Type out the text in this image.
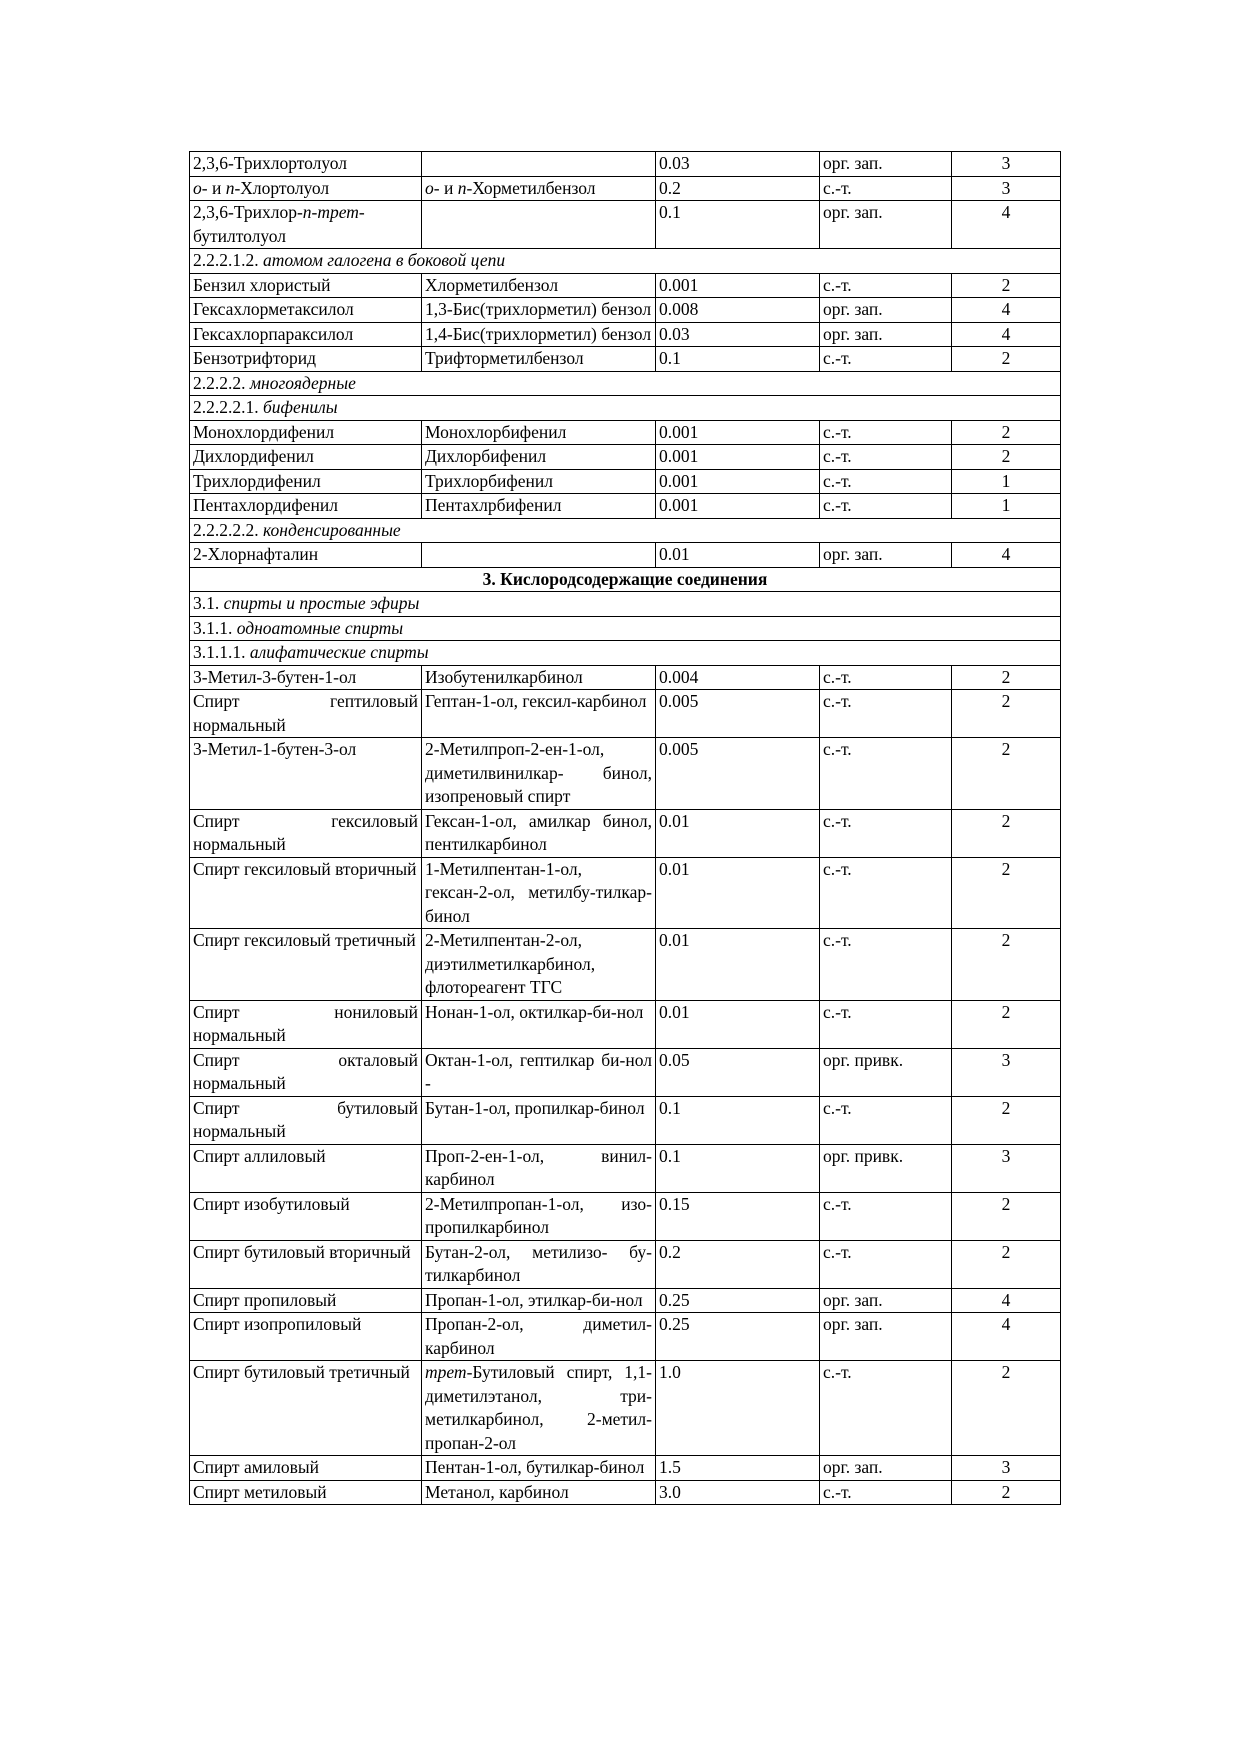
2,3,6-Трихлортолуол		0.03	орг. зап.	3
о- и n-Хлортолуол	о- и n-Хорметилбензол	0.2	с.-т.	3
2,3,6-Трихлор-n-трет- бутилтолуол		0.1	орг. зап.	4
2.2.2.1.2. атомом галогена в боковой цепи				
Бензил хлористый	Хлорметилбензол	0.001	с.-т.	2
Гексахлорметаксилол	1,3-Бис(трихлорметил) бензол	0.008	орг. зап.	4
Гексахлорпараксилол	1,4-Бис(трихлорметил) бензол	0.03	орг. зап.	4
Бензотрифторид	Трифторметилбензол	0.1	с.-т.	2
2.2.2.2. многоядерные				
2.2.2.2.1. бифенилы				
Монохлордифенил	Монохлорбифенил	0.001	с.-т.	2
Дихлордифенил	Дихлорбифенил	0.001	с.-т.	2
Трихлордифенил	Трихлорбифенил	0.001	с.-т.	1
Пентахлордифенил	Пентахлрбифенил	0.001	с.-т.	1
2.2.2.2.2. конденсированные				
2-Хлорнафталин		0.01	орг. зап.	4
3. Кислородсодержащие соединения				
3.1. спирты и простые эфиры				
3.1.1. одноатомные спирты				
3.1.1.1. алифатические спирты				
3-Метил-3-бутен-1-ол	Изобутенилкарбинол	0.004	с.-т.	2
Спирт гептиловый нормальный	Гептан-1-ол, гексил-карбинол	0.005	с.-т.	2
3-Метил-1-бутен-3-ол	2-Метилпроп-2-ен-1-ол, диметилвинилкар- бинол, изопреновый спирт	0.005	с.-т.	2
Спирт гексиловый нормальный	Гексан-1-ол, амилкар бинол, пентилкарбинол	0.01	с.-т.	2
Спирт гексиловый вторичный	1-Метилпентан-1-ол, гексан-2-ол, метилбу-тилкар-бинол	0.01	с.-т.	2
Спирт гексиловый третичный	2-Метилпентан-2-ол, диэтилметилкарбинол, флотореагент ТГС	0.01	с.-т.	2
Спирт нониловый нормальный	Нонан-1-ол, октилкар-би-нол	0.01	с.-т.	2
Спирт окталовый нормальный	Октан-1-ол, гептилкар би-нол -	0.05	орг. привк.	3
Спирт бутиловый нормальный	Бутан-1-ол, пропилкар-бинол	0.1	с.-т.	2
Спирт аллиловый	Проп-2-ен-1-ол, винил-карбинол	0.1	орг. привк.	3
Спирт изобутиловый	2-Метилпропан-1-ол, изо-пропилкарбинол	0.15	с.-т.	2
Спирт бутиловый вторичный	Бутан-2-ол, метилизо- бу-тилкарбинол	0.2	с.-т.	2
Спирт пропиловый	Пропан-1-ол, этилкар-би-нол	0.25	орг. зап.	4
Спирт изопропиловый	Пропан-2-ол, диметил-карбинол	0.25	орг. зап.	4
Спирт бутиловый третичный	трет-Бутиловый спирт, 1,1-диметилэтанол, три-метилкарбинол, 2-метил-пропан-2-ол	1.0	с.-т.	2
Спирт амиловый	Пентан-1-ол, бутилкар-бинол	1.5	орг. зап.	3
Спирт метиловый	Метанол, карбинол	3.0	с.-т.	2
